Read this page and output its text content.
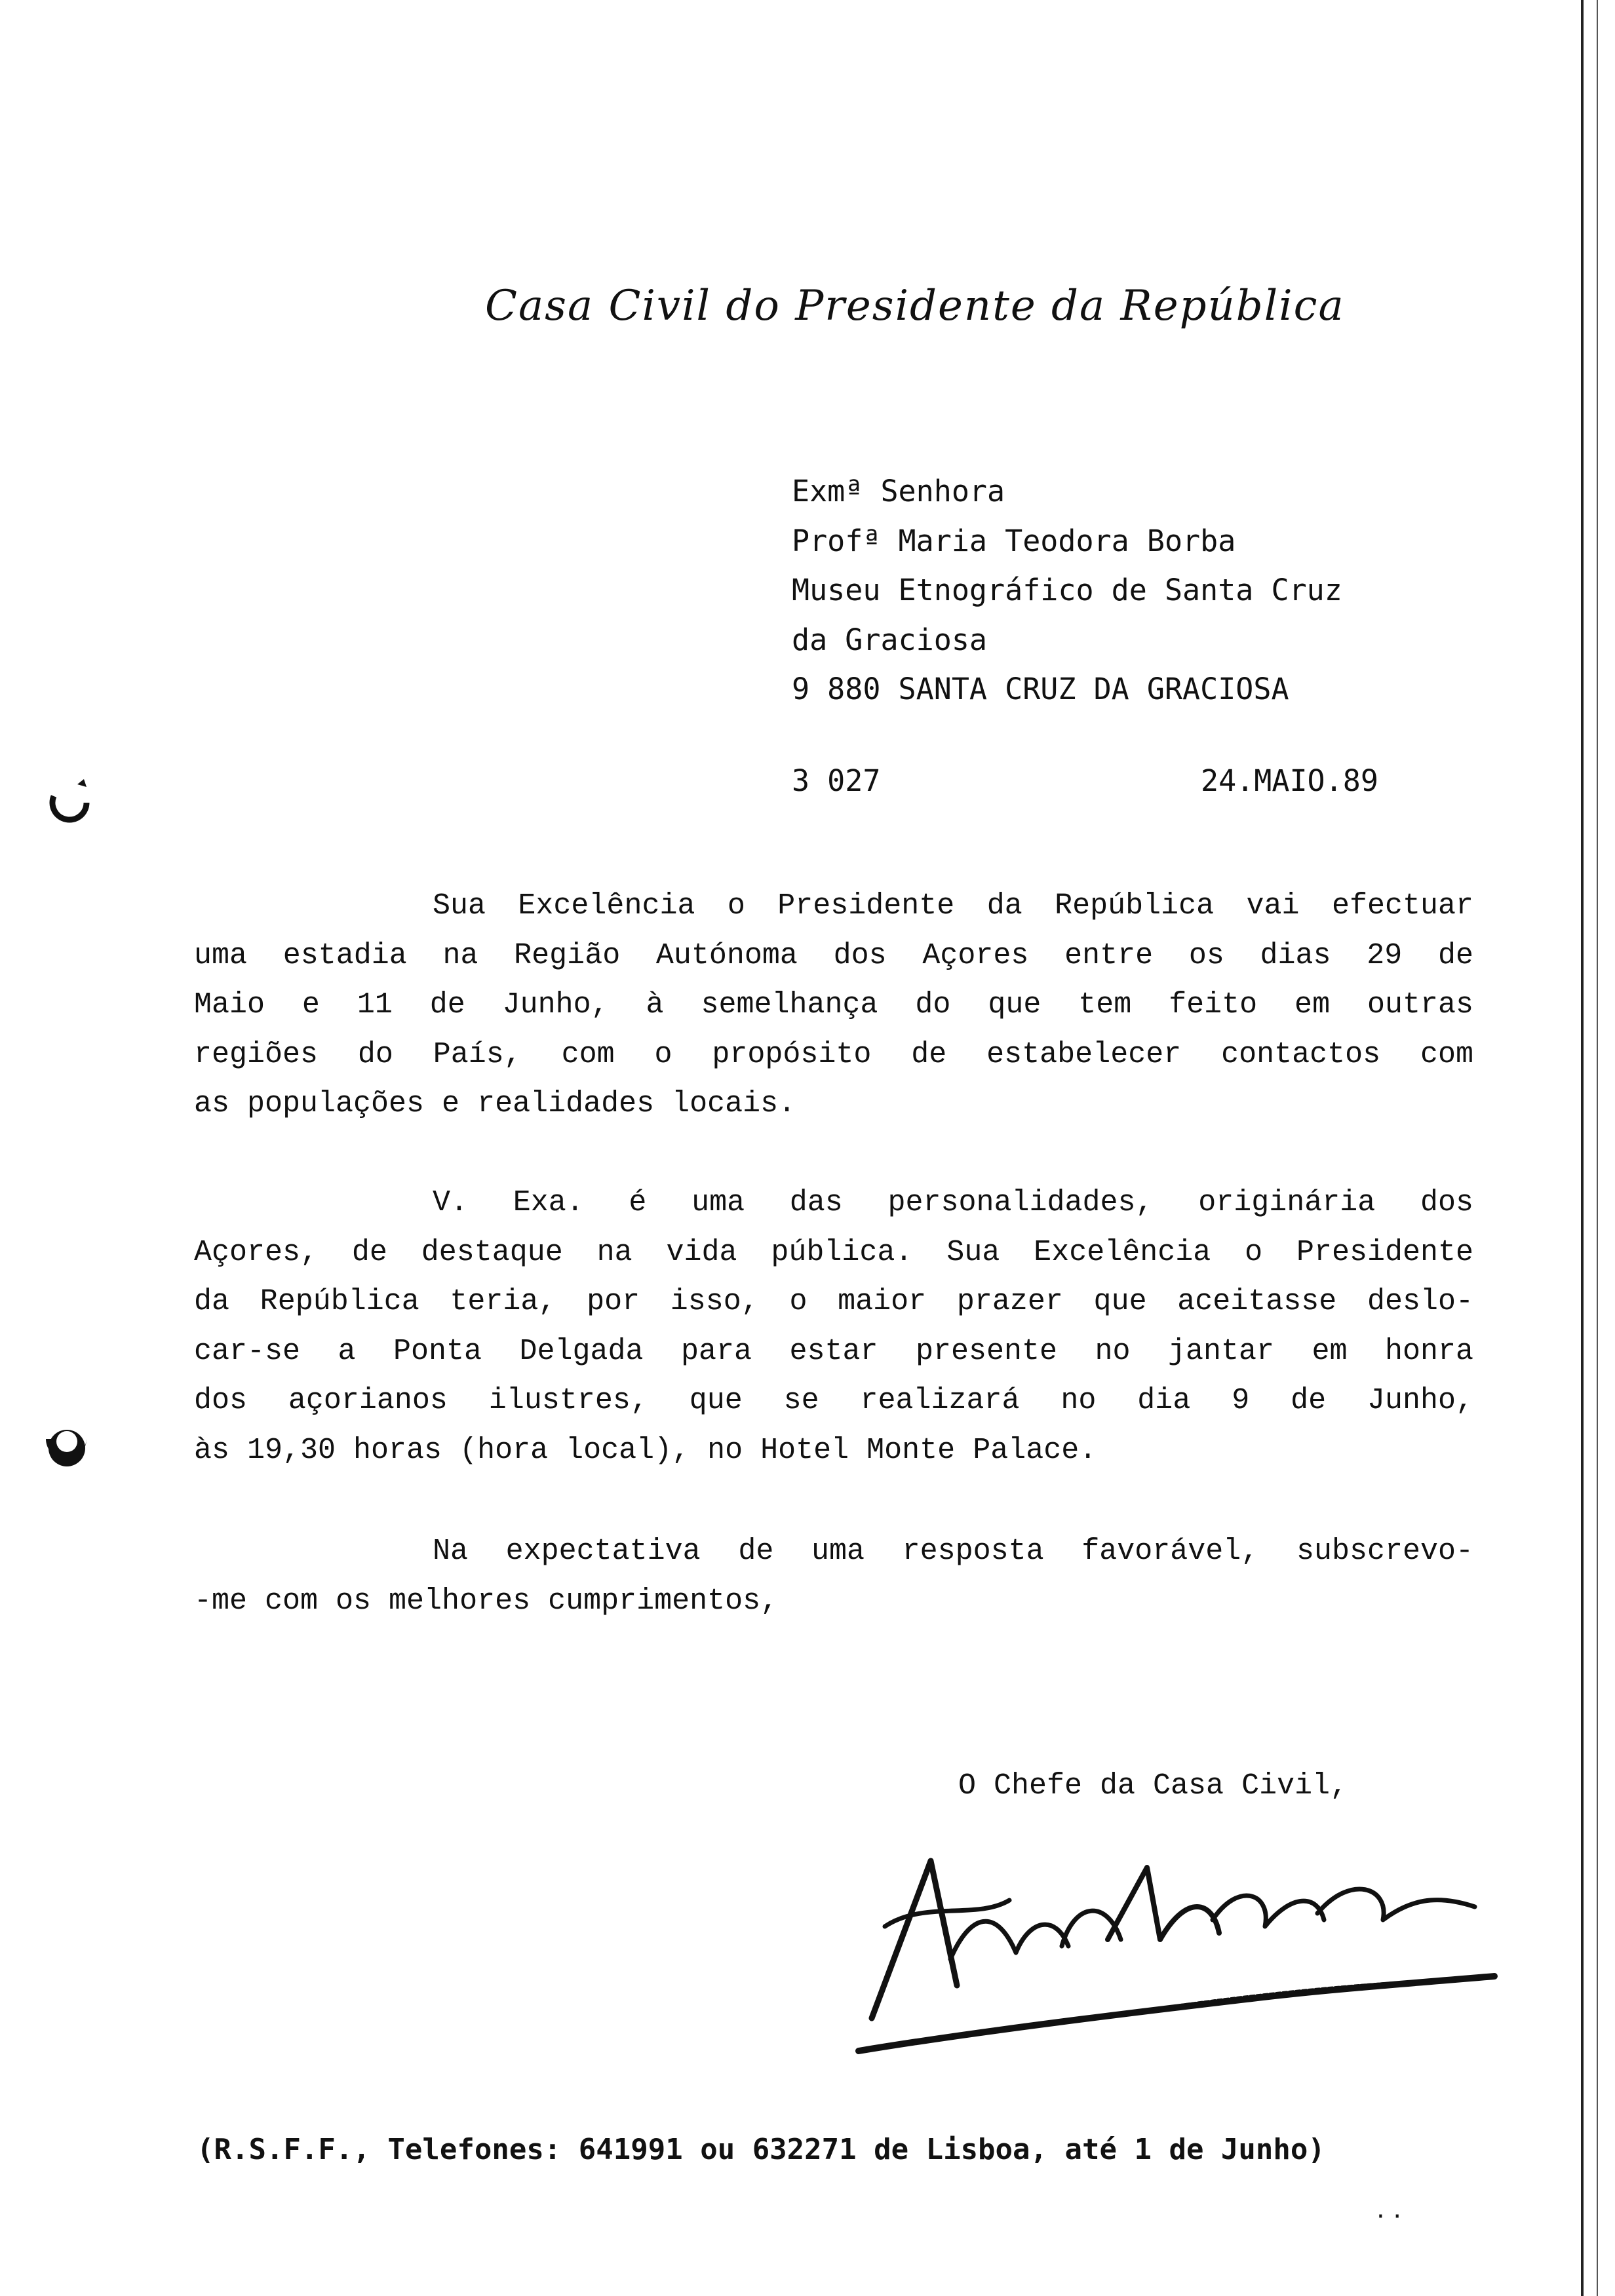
Casa Civil do Presidente da República
Exmª Senhora
Profª Maria Teodora Borba
Museu Etnográfico de Santa Cruz
da Graciosa
9 880 SANTA CRUZ DA GRACIOSA
3 027	24.MAIO.89

Sua Excelência o Presidente da República vai efectuar

uma estadia na Região Autónoma dos Açores entre os dias 29 de

Maio e 11 de Junho, à semelhança do que tem feito em outras

regiões do País, com o propósito de estabelecer contactos com

as populações e realidades locais.

V. Exa. é uma das personalidades, originária dos

Açores, de destaque na vida pública. Sua Excelência o Presidente

da República teria, por isso, o maior prazer que aceitasse deslo-

car-se a Ponta Delgada para estar presente no jantar em honra

dos açorianos ilustres, que se realizará no dia 9 de Junho,

às 19,30 horas (hora local), no Hotel Monte Palace.

Na expectativa de uma resposta favorável, subscrevo-

-me com os melhores cumprimentos,

O Chefe da Casa Civil,
(R.S.F.F., Telefones: 641991 ou 632271 de Lisboa, até 1 de Junho)
· ·
